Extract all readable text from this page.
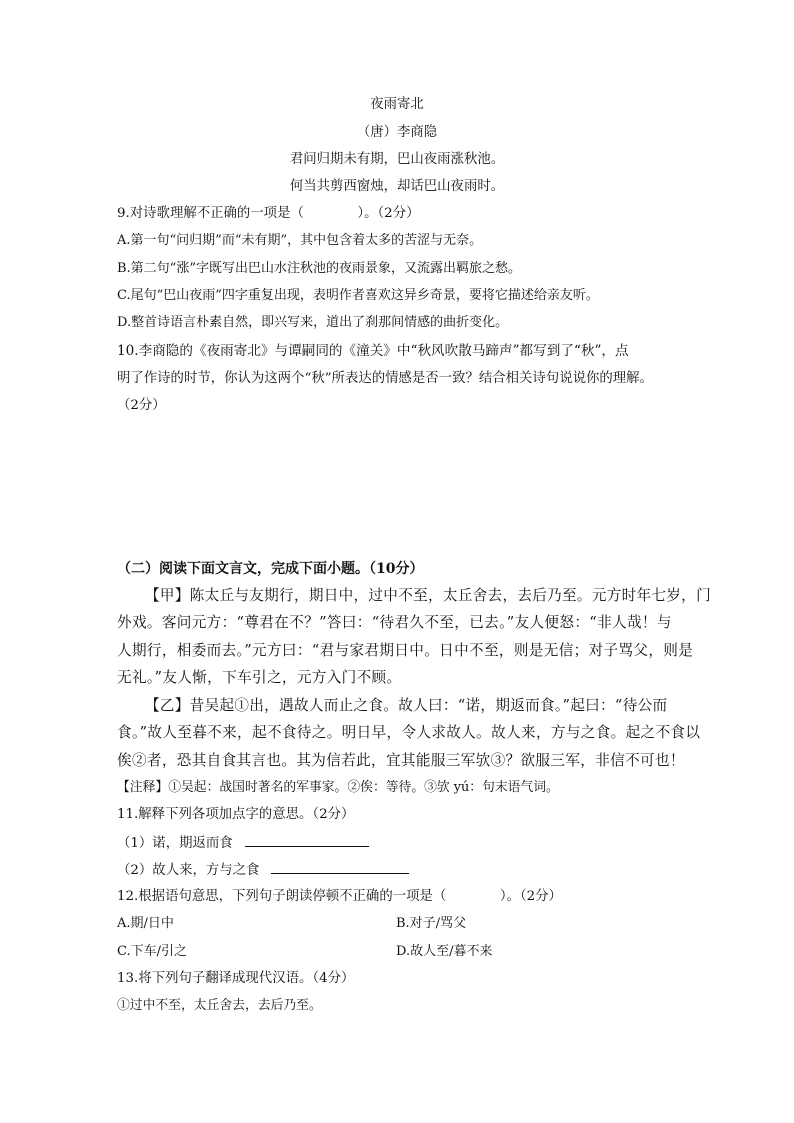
夜雨寄北
（唐）李商隐
君问归期未有期，巴山夜雨涨秋池。
何当共剪西窗烛，却话巴山夜雨时。
9.对诗歌理解不正确的一项是（　　　　）。（2分）
A.第一句“问归期”而“未有期”，其中包含着太多的苦涩与无奈。
B.第二句“涨”字既写出巴山水注秋池的夜雨景象，又流露出羁旅之愁。
C.尾句“巴山夜雨”四字重复出现，表明作者喜欢这异乡奇景，要将它描述给亲友听。
D.整首诗语言朴素自然，即兴写来，道出了刹那间情感的曲折变化。
10.李商隐的《夜雨寄北》与谭嗣同的《潼关》中“秋风吹散马蹄声”都写到了“秋”，点
明了作诗的时节，你认为这两个“秋”所表达的情感是否一致？结合相关诗句说说你的理解。
（2分）
（二）阅读下面文言文，完成下面小题。（10分）
【甲】陈太丘与友期行，期日中，过中不至，太丘舍去，去后乃至。元方时年七岁，门
外戏。客问元方：“尊君在不？”答曰：“待君久不至，已去。”友人便怒：“非人哉！与
人期行，相委而去。”元方曰：“君与家君期日中。日中不至，则是无信；对子骂父，则是
无礼。”友人惭，下车引之，元方入门不顾。
【乙】昔吴起①出，遇故人而止之食。故人曰：“诺，期返而食。”起曰：“待公而
食。”故人至暮不来，起不食待之。明日早，令人求故人。故人来，方与之食。起之不食以
俟②者，恐其自食其言也。其为信若此，宜其能服三军欤③？欲服三军，非信不可也！
【注释】①吴起：战国时著名的军事家。②俟：等待。③欤 yú：句末语气词。
11.解释下列各项加点字的意思。（2分）
（1）诺，期返而食
（2）故人来，方与之食
12.根据语句意思，下列句子朗读停顿不正确的一项是（　　　　）。（2分）
A.期/日中	B.对子/骂父
C.下车/引之	D.故人至/暮不来
13.将下列句子翻译成现代汉语。（4分）
①过中不至，太丘舍去，去后乃至。
